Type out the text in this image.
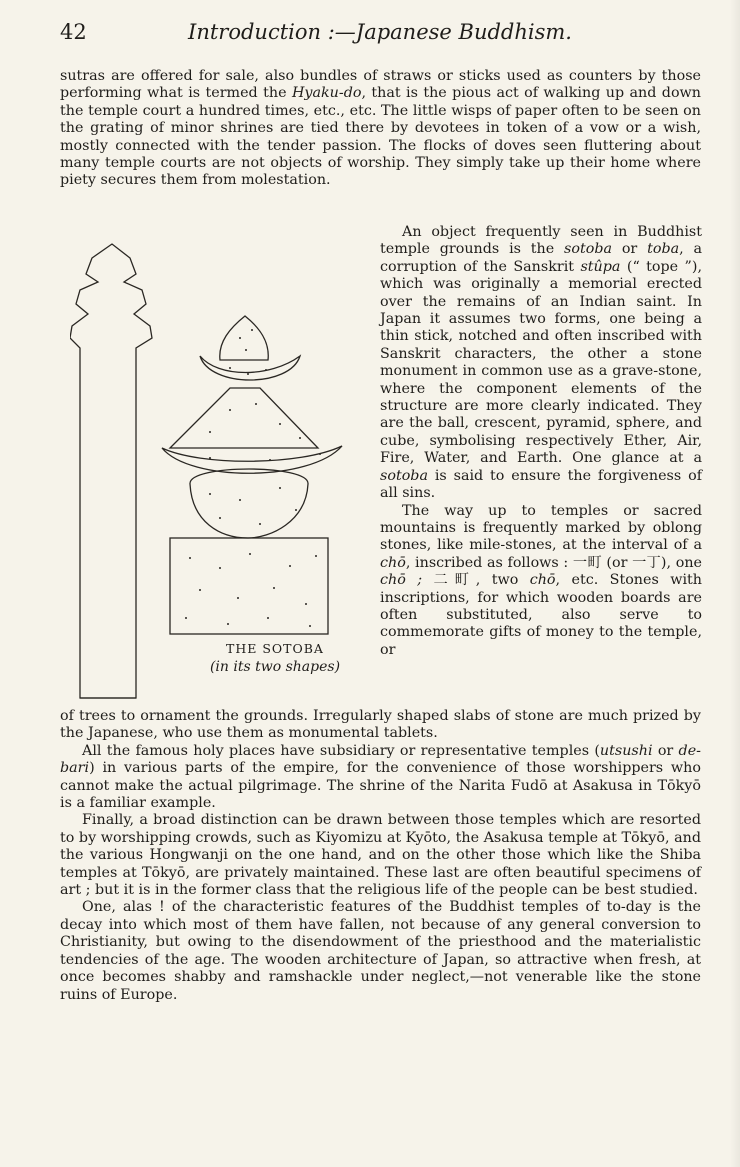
42	Introduction :—Japanese Buddhism.

sutras are offered for sale, also bundles of straws or sticks used as counters by those performing what is termed the Hyaku-do, that is the pious act of walking up and down the temple court a hundred times, etc., etc. The little wisps of paper often to be seen on the grating of minor shrines are tied there by devotees in token of a vow or a wish, mostly connected with the tender passion. The flocks of doves seen fluttering about many temple courts are not objects of worship. They simply take up their home where piety secures them from molestation.

THE SOTOBA
(in its two shapes)

An object frequently seen in Buddhist temple grounds is the sotoba or toba, a corruption of the Sanskrit stûpa (“ tope ”), which was originally a memorial erected over the remains of an Indian saint. In Japan it assumes two forms, one being a thin stick, notched and often inscribed with Sanskrit characters, the other a stone monument in common use as a grave-stone, where the component elements of the structure are more clearly indicated. They are the ball, crescent, pyramid, sphere, and cube, symbolising respectively Ether, Air, Fire, Water, and Earth. One glance at a sotoba is said to ensure the forgiveness of all sins.

The way up to temples or sacred mountains is frequently marked by oblong stones, like mile-stones, at the interval of a chō, inscribed as follows : 一町 (or 一丁), one chō ; 二町, two chō, etc. Stones with inscriptions, for which wooden boards are often substituted, also serve to commemorate gifts of money to the temple, or

of trees to ornament the grounds. Irregularly shaped slabs of stone are much prized by the Japanese, who use them as monumental tablets.

All the famous holy places have subsidiary or representative temples (utsushi or de-bari) in various parts of the empire, for the convenience of those worshippers who cannot make the actual pilgrimage. The shrine of the Narita Fudō at Asakusa in Tōkyō is a familiar example.

Finally, a broad distinction can be drawn between those temples which are resorted to by worshipping crowds, such as Kiyomizu at Kyōto, the Asakusa temple at Tōkyō, and the various Hongwanji on the one hand, and on the other those which like the Shiba temples at Tōkyō, are privately maintained. These last are often beautiful specimens of art ; but it is in the former class that the religious life of the people can be best studied.

One, alas ! of the characteristic features of the Buddhist temples of to-day is the decay into which most of them have fallen, not because of any general conversion to Christianity, but owing to the disendowment of the priesthood and the materialistic tendencies of the age. The wooden architecture of Japan, so attractive when fresh, at once becomes shabby and ramshackle under neglect,—not venerable like the stone ruins of Europe.
